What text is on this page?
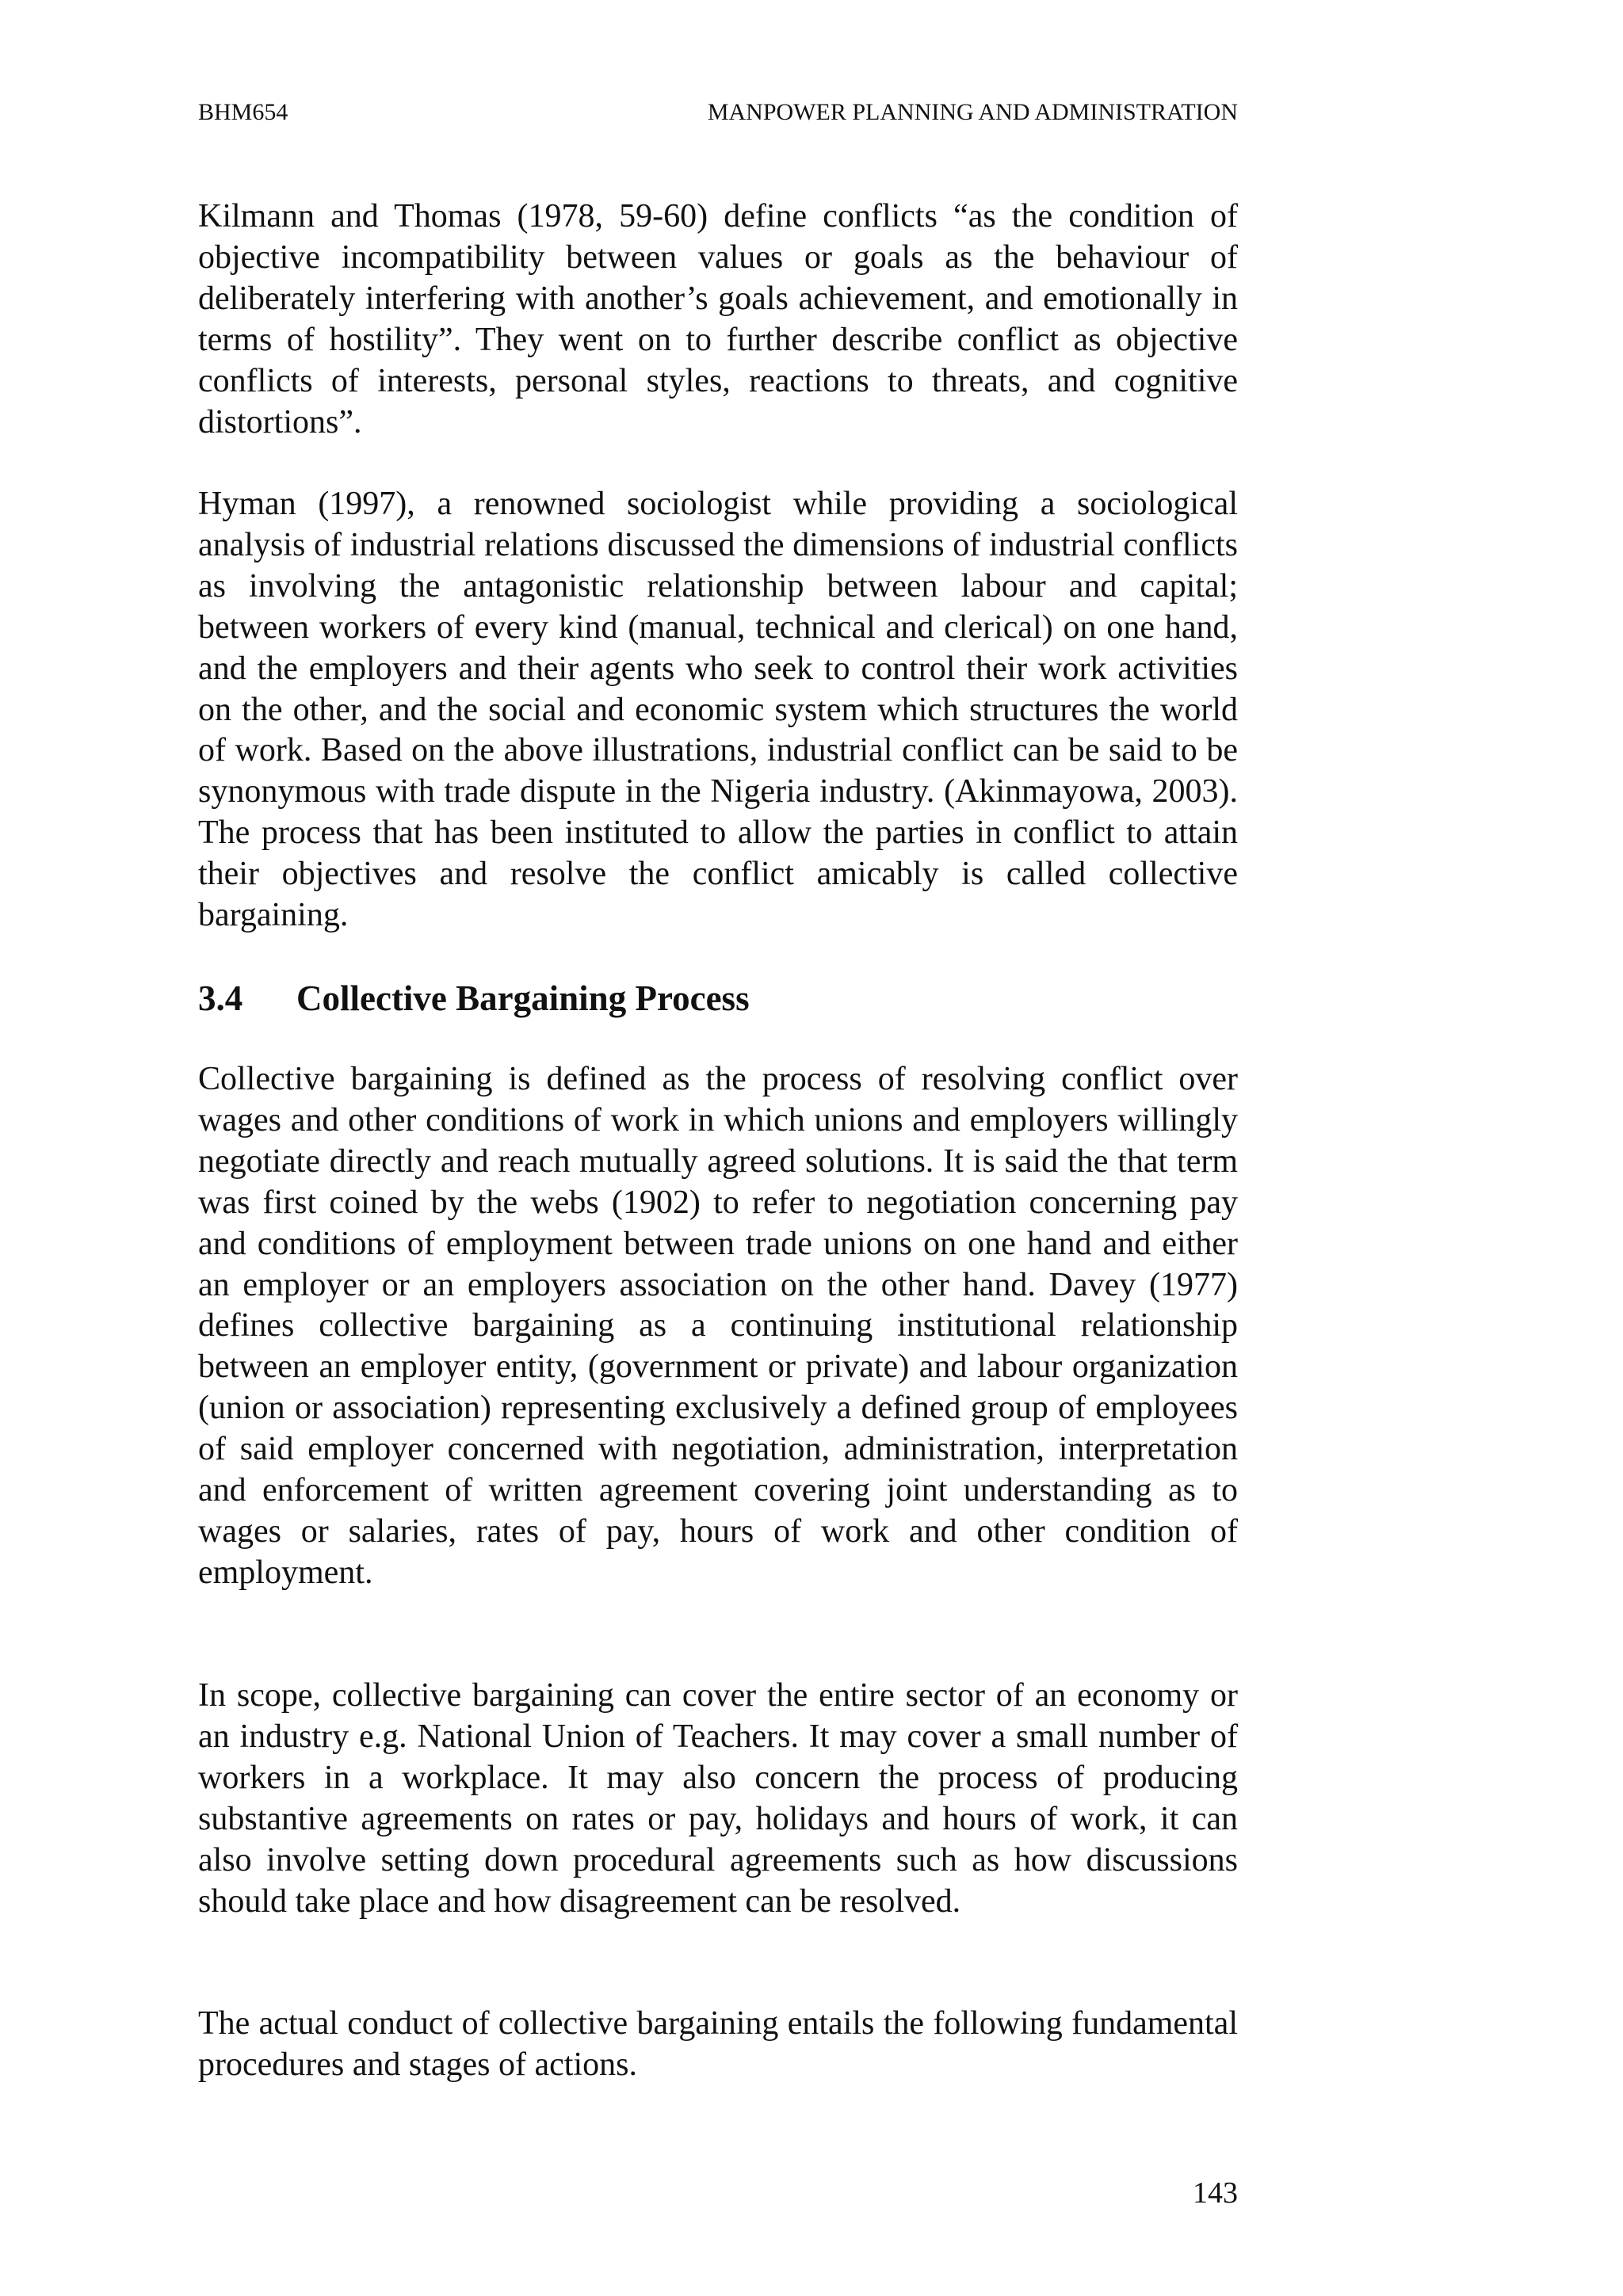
BHM654	MANPOWER PLANNING AND ADMINISTRATION

Kilmann and Thomas (1978, 59-60) define conflicts “as the condition of objective incompatibility between values or goals as the behaviour of deliberately interfering with another’s goals achievement, and emotionally in terms of hostility”. They went on to further describe conflict as objective conflicts of interests, personal styles, reactions to threats, and cognitive distortions”.

Hyman (1997), a renowned sociologist while providing a sociological analysis of industrial relations discussed the dimensions of industrial conflicts as involving the antagonistic relationship between labour and capital; between workers of every kind (manual, technical and clerical) on one hand, and the employers and their agents who seek to control their work activities on the other, and the social and economic system which structures the world of work. Based on the above illustrations, industrial conflict can be said to be synonymous with trade dispute in the Nigeria industry. (Akinmayowa, 2003). The process that has been instituted to allow the parties in conflict to attain their objectives and resolve the conflict amicably is called collective bargaining.

3.4 Collective Bargaining Process

Collective bargaining is defined as the process of resolving conflict over wages and other conditions of work in which unions and employers willingly negotiate directly and reach mutually agreed solutions. It is said the that term was first coined by the webs (1902) to refer to negotiation concerning pay and conditions of employment between trade unions on one hand and either an employer or an employers association on the other hand. Davey (1977) defines collective bargaining as a continuing institutional relationship between an employer entity, (government or private) and labour organization (union or association) representing exclusively a defined group of employees of said employer concerned with negotiation, administration, interpretation and enforcement of written agreement covering joint understanding as to wages or salaries, rates of pay, hours of work and other condition of employment.

In scope, collective bargaining can cover the entire sector of an economy or an industry e.g. National Union of Teachers. It may cover a small number of workers in a workplace. It may also concern the process of producing substantive agreements on rates or pay, holidays and hours of work, it can also involve setting down procedural agreements such as how discussions should take place and how disagreement can be resolved.

The actual conduct of collective bargaining entails the following fundamental procedures and stages of actions.

143
